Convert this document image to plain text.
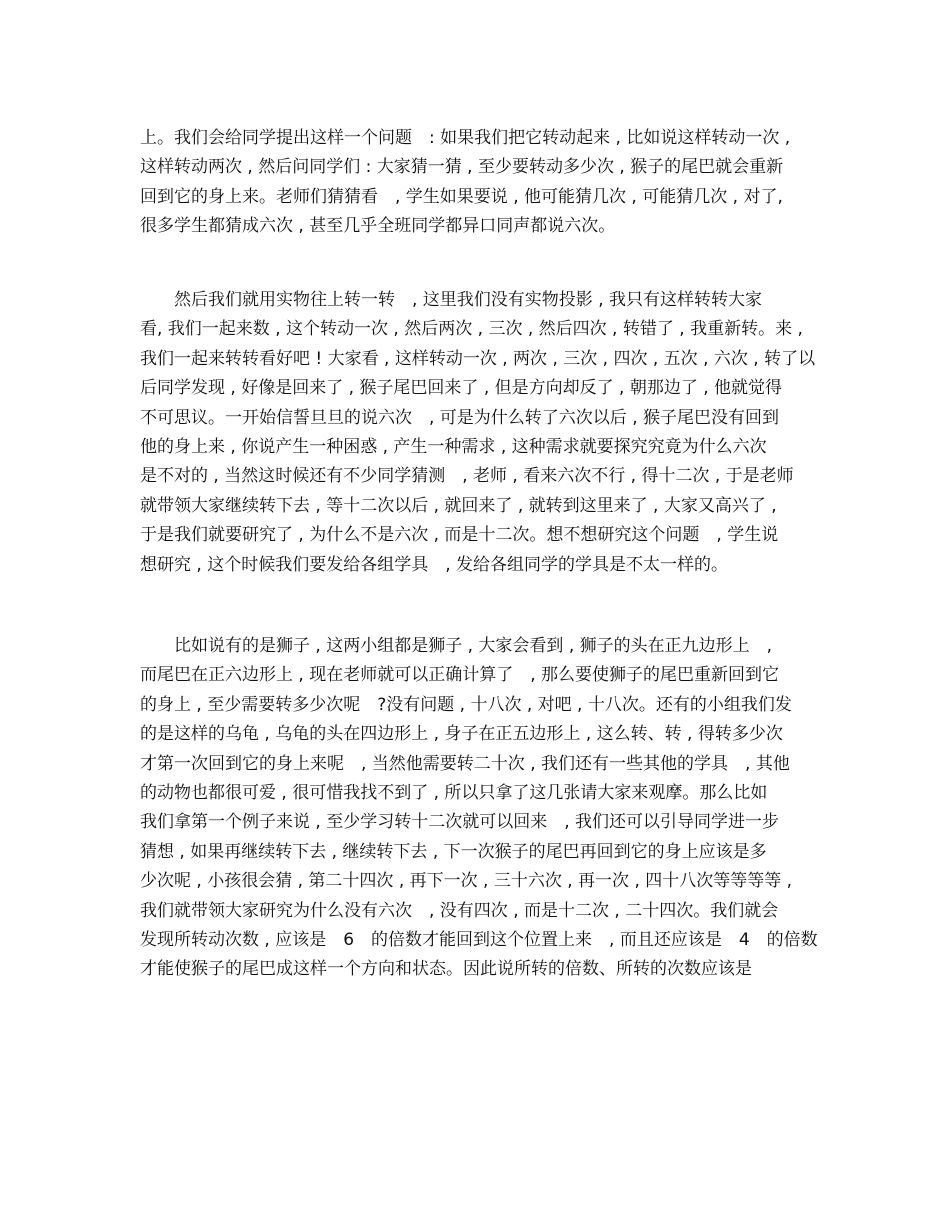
上。我们会给同学提出这样一个问题　: 如果我们把它转动起来 , 比如说这样转动一次 ,
这样转动两次 , 然后问同学们 : 大家猜一猜 , 至少要转动多少次 , 猴子的尾巴就会重新
回到它的身上来。老师们猜猜看　, 学生如果要说 , 他可能猜几次 , 可能猜几次 , 对了,
很多学生都猜成六次 , 甚至几乎全班同学都异口同声都说六次。
　　然后我们就用实物往上转一转　, 这里我们没有实物投影 , 我只有这样转转大家
看, 我们一起来数 , 这个转动一次 , 然后两次 , 三次 , 然后四次 , 转错了 , 我重新转。来 ,
我们一起来转转看好吧 ! 大家看 , 这样转动一次 , 两次 , 三次 , 四次 , 五次 , 六次 , 转了以
后同学发现 , 好像是回来了 , 猴子尾巴回来了 , 但是方向却反了 , 朝那边了 , 他就觉得
不可思议。一开始信誓旦旦的说六次　, 可是为什么转了六次以后 , 猴子尾巴没有回到
他的身上来 , 你说产生一种困惑 , 产生一种需求 , 这种需求就要探究究竟为什么六次
是不对的 , 当然这时候还有不少同学猜测　, 老师 , 看来六次不行 , 得十二次 , 于是老师
就带领大家继续转下去 , 等十二次以后 , 就回来了 , 就转到这里来了 , 大家又高兴了 ,
于是我们就要研究了 , 为什么不是六次 , 而是十二次。想不想研究这个问题　, 学生说
想研究 , 这个时候我们要发给各组学具　, 发给各组同学的学具是不太一样的。
　　比如说有的是狮子 , 这两小组都是狮子 , 大家会看到 , 狮子的头在正九边形上　,
而尾巴在正六边形上 , 现在老师就可以正确计算了　, 那么要使狮子的尾巴重新回到它
的身上 , 至少需要转多少次呢　?没有问题 , 十八次 , 对吧 , 十八次。还有的小组我们发
的是这样的乌龟 , 乌龟的头在四边形上 , 身子在正五边形上 , 这么转、转 , 得转多少次
才第一次回到它的身上来呢　, 当然他需要转二十次 , 我们还有一些其他的学具　, 其他
的动物也都很可爱 , 很可惜我找不到了 , 所以只拿了这几张请大家来观摩。那么比如
我们拿第一个例子来说 , 至少学习转十二次就可以回来　, 我们还可以引导同学进一步
猜想 , 如果再继续转下去 , 继续转下去 , 下一次猴子的尾巴再回到它的身上应该是多
少次呢 , 小孩很会猜 , 第二十四次 , 再下一次 , 三十六次 , 再一次 , 四十八次等等等等 ,
我们就带领大家研究为什么没有六次　, 没有四次 , 而是十二次 , 二十四次。我们就会
发现所转动次数 , 应该是　6　的倍数才能回到这个位置上来　, 而且还应该是　4　的倍数
才能使猴子的尾巴成这样一个方向和状态。因此说所转的倍数、所转的次数应该是
